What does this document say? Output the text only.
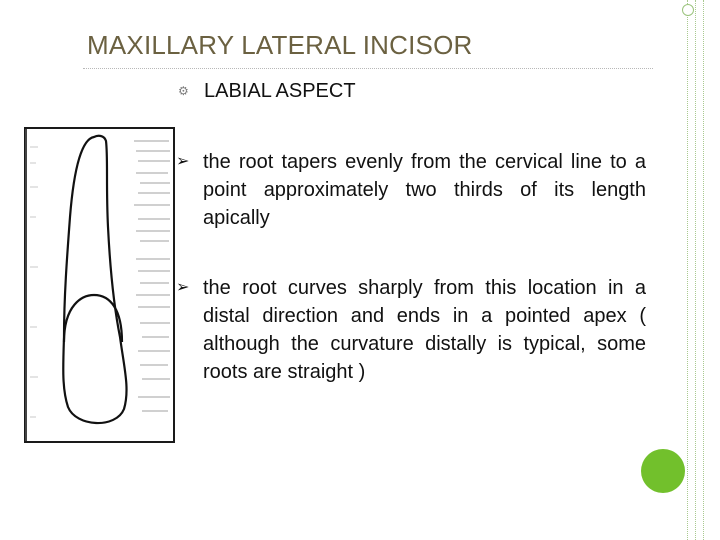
MAXILLARY LATERAL INCISOR
⚙ LABIAL ASPECT
➢ the root tapers evenly from the cervical line to a point approximately two thirds of its length apically
➢ the root curves sharply from this location in a distal direction and ends in a pointed apex ( although the curvature distally is typical, some roots are straight )
